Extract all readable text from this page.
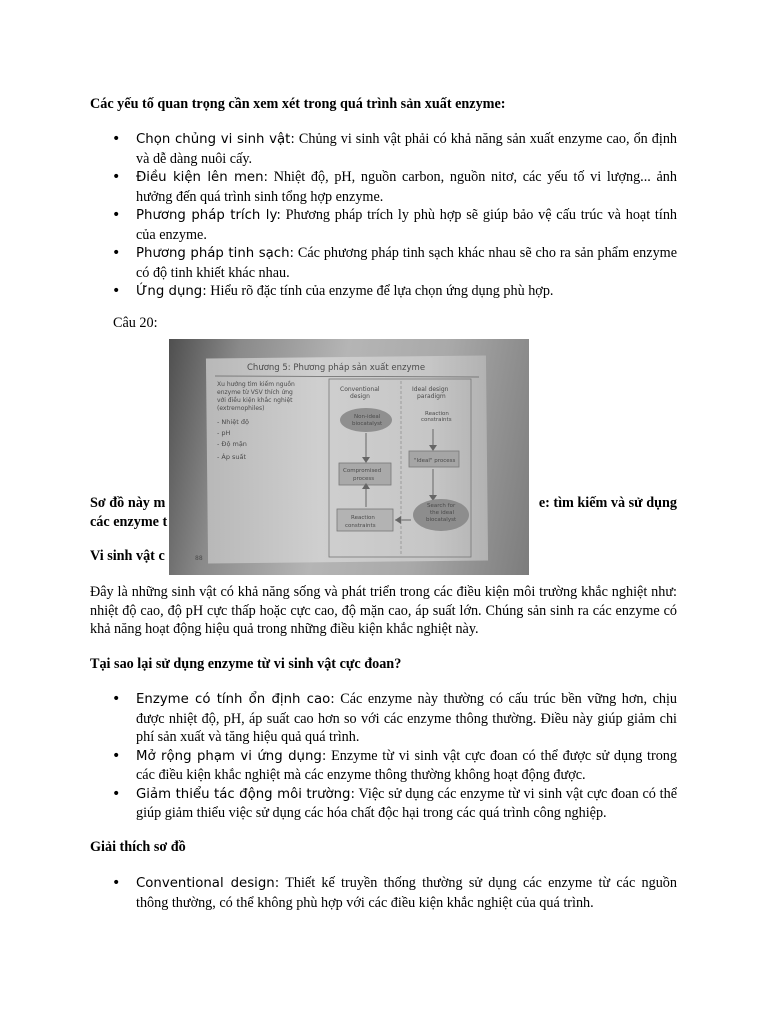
Các yếu tố quan trọng cần xem xét trong quá trình sản xuất enzyme:
• Chọn chủng vi sinh vật: Chủng vi sinh vật phải có khả năng sản xuất enzyme cao, ổn định và dễ dàng nuôi cấy.
• Điều kiện lên men: Nhiệt độ, pH, nguồn carbon, nguồn nitơ, các yếu tố vi lượng... ảnh hưởng đến quá trình sinh tổng hợp enzyme.
• Phương pháp trích ly: Phương pháp trích ly phù hợp sẽ giúp bảo vệ cấu trúc và hoạt tính của enzyme.
• Phương pháp tinh sạch: Các phương pháp tinh sạch khác nhau sẽ cho ra sản phẩm enzyme có độ tinh khiết khác nhau.
• Ứng dụng: Hiểu rõ đặc tính của enzyme để lựa chọn ứng dụng phù hợp.
Câu 20:
Sơ đồ này m	e: tìm kiếm và sử dụng
các enzyme t
Vi sinh vật c
Chương 5: Phương pháp sản xuất enzyme
Xu hướng tìm kiếm nguồn
enzyme từ VSV thích ứng
với điều kiện khắc nghiệt
(extremophiles)
- Nhiệt độ
- pH
- Độ mặn
- Áp suất
Conventional
design
Ideal design
paradigm
Non-ideal
biocatalyst
Reaction
constraints
Compromised
process
"Ideal" process
Reaction
constraints
Search for
the ideal
biocatalyst
88
Đây là những sinh vật có khả năng sống và phát triển trong các điều kiện môi trường khắc nghiệt như: nhiệt độ cao, độ pH cực thấp hoặc cực cao, độ mặn cao, áp suất lớn. Chúng sản sinh ra các enzyme có khả năng hoạt động hiệu quả trong những điều kiện khắc nghiệt này.
Tại sao lại sử dụng enzyme từ vi sinh vật cực đoan?
• Enzyme có tính ổn định cao: Các enzyme này thường có cấu trúc bền vững hơn, chịu được nhiệt độ, pH, áp suất cao hơn so với các enzyme thông thường. Điều này giúp giảm chi phí sản xuất và tăng hiệu quả quá trình.
• Mở rộng phạm vi ứng dụng: Enzyme từ vi sinh vật cực đoan có thể được sử dụng trong các điều kiện khắc nghiệt mà các enzyme thông thường không hoạt động được.
• Giảm thiểu tác động môi trường: Việc sử dụng các enzyme từ vi sinh vật cực đoan có thể giúp giảm thiểu việc sử dụng các hóa chất độc hại trong các quá trình công nghiệp.
Giải thích sơ đồ
• Conventional design: Thiết kế truyền thống thường sử dụng các enzyme từ các nguồn thông thường, có thể không phù hợp với các điều kiện khắc nghiệt của quá trình.
